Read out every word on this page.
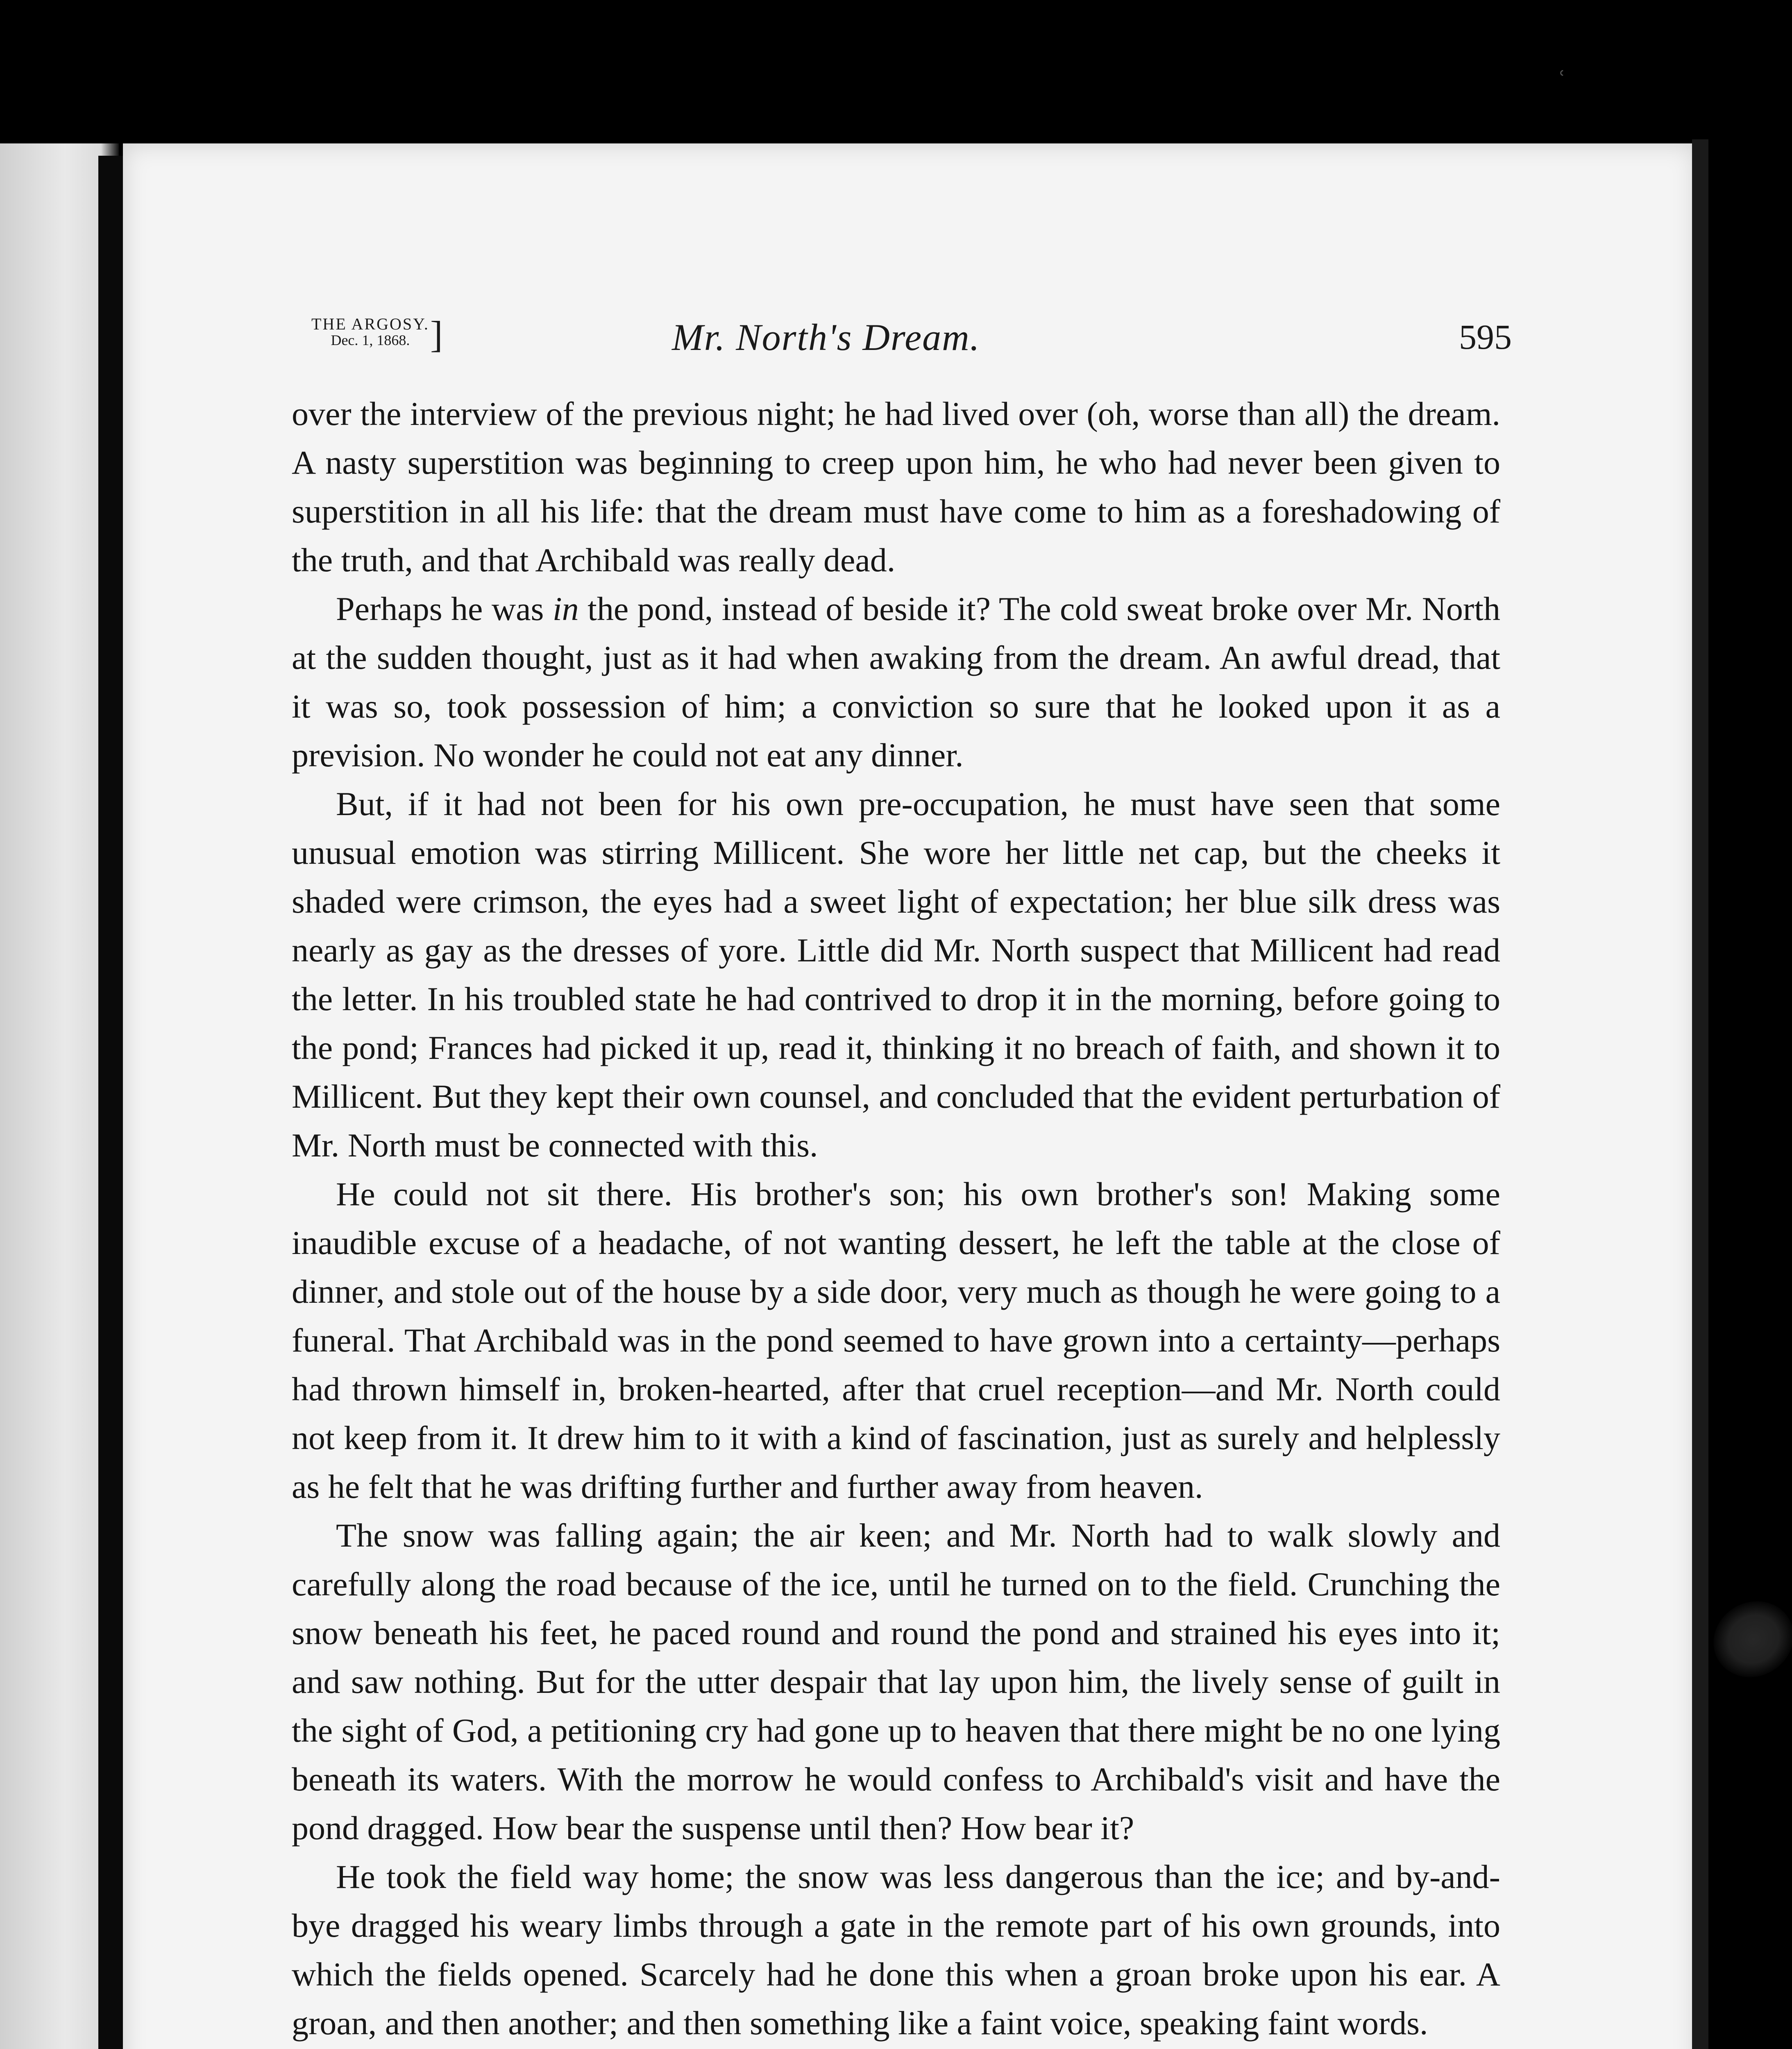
ʿ
THE ARGOSY.
Dec. 1, 1868. ]	Mr. North's Dream.	595

over the interview of the previous night; he had lived over (oh, worse than all) the dream. A nasty superstition was beginning to creep upon him, he who had never been given to superstition in all his life: that the dream must have come to him as a foreshadowing of the truth, and that Archibald was really dead.

Perhaps he was in the pond, instead of beside it? The cold sweat broke over Mr. North at the sudden thought, just as it had when awaking from the dream. An awful dread, that it was so, took possession of him; a conviction so sure that he looked upon it as a prevision. No wonder he could not eat any dinner.

But, if it had not been for his own pre-occupation, he must have seen that some unusual emotion was stirring Millicent. She wore her little net cap, but the cheeks it shaded were crimson, the eyes had a sweet light of expectation; her blue silk dress was nearly as gay as the dresses of yore. Little did Mr. North suspect that Millicent had read the letter. In his troubled state he had contrived to drop it in the morning, before going to the pond; Frances had picked it up, read it, thinking it no breach of faith, and shown it to Millicent. But they kept their own counsel, and concluded that the evident perturbation of Mr. North must be connected with this.

He could not sit there. His brother's son; his own brother's son! Making some inaudible excuse of a headache, of not wanting dessert, he left the table at the close of dinner, and stole out of the house by a side door, very much as though he were going to a funeral. That Archibald was in the pond seemed to have grown into a certainty—perhaps had thrown himself in, broken-hearted, after that cruel reception—and Mr. North could not keep from it. It drew him to it with a kind of fascination, just as surely and helplessly as he felt that he was drifting further and further away from heaven.

The snow was falling again; the air keen; and Mr. North had to walk slowly and carefully along the road because of the ice, until he turned on to the field. Crunching the snow beneath his feet, he paced round and round the pond and strained his eyes into it; and saw nothing. But for the utter despair that lay upon him, the lively sense of guilt in the sight of God, a petitioning cry had gone up to heaven that there might be no one lying beneath its waters. With the morrow he would confess to Archibald's visit and have the pond dragged. How bear the suspense until then? How bear it?

He took the field way home; the snow was less dangerous than the ice; and by-and-bye dragged his weary limbs through a gate in the remote part of his own grounds, into which the fields opened. Scarcely had he done this when a groan broke upon his ear. A groan, and then another; and then something like a faint voice, speaking faint words.
